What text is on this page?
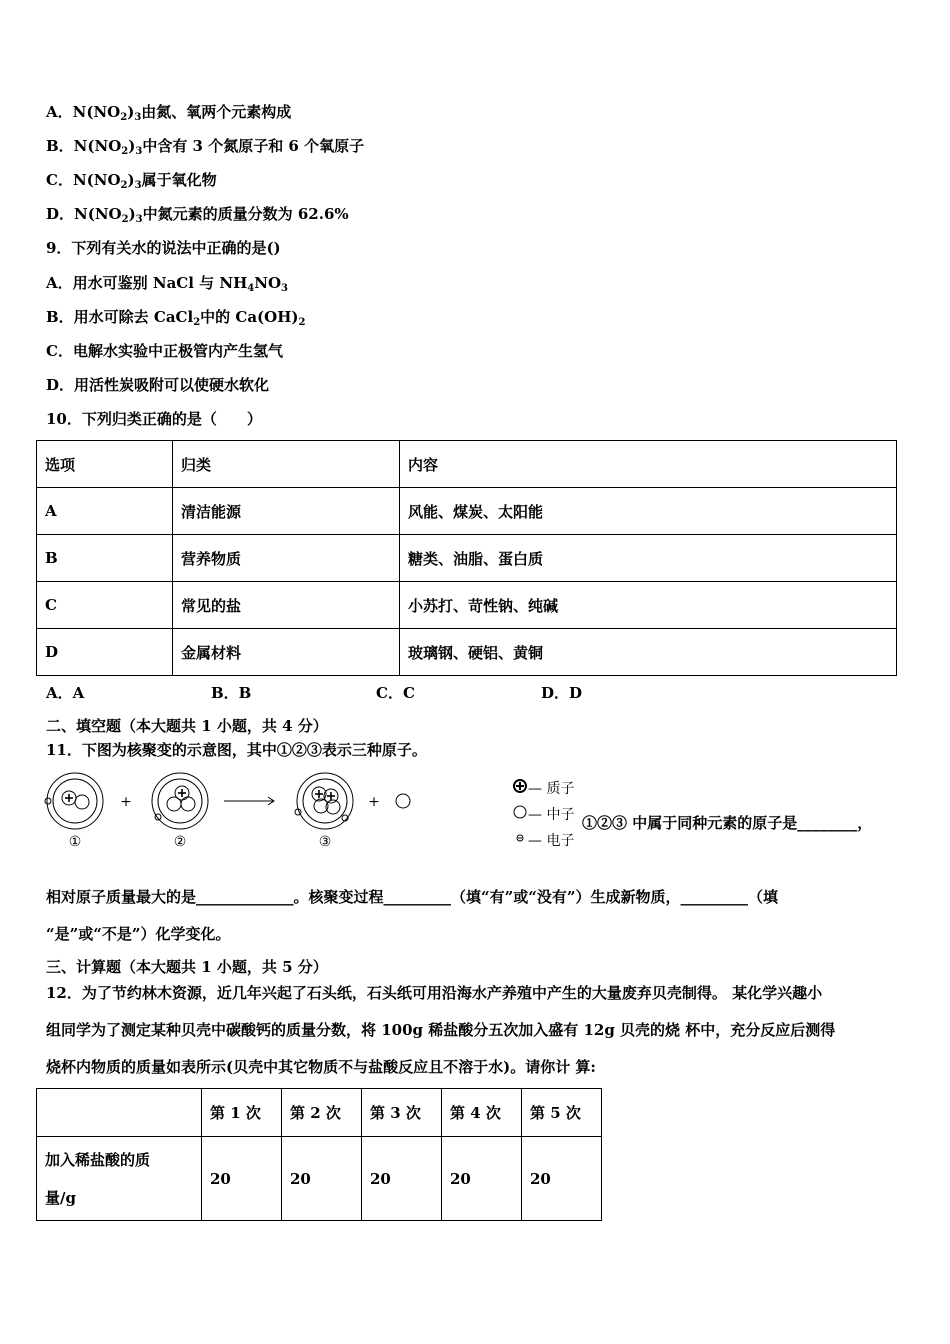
A．$N(NO_2)_3$由氮、氧两个元素构成
B．$N(NO_2)_3$中含有 3 个氮原子和 6 个氧原子
C．$N(NO_2)_3$属于氧化物
D．$N(NO_2)_3$中氮元素的质量分数为 62.6%
9．下列有关水的说法中正确的是()
A．用水可鉴别 NaCl 与 $NH_4NO_3$
B．用水可除去 CaCl$_2$中的 $Ca(OH)_2$
C．电解水实验中正极管内产生氢气
D．用活性炭吸附可以使硬水软化
10．下列归类正确的是（　　）
选项	归类	内容
A	清洁能源	风能、煤炭、太阳能
B	营养物质	糖类、油脂、蛋白质
C	常见的盐	小苏打、苛性钠、纯碱
D	金属材料	玻璃钢、硬铝、黄铜
A．A	B．B	C．C	D．D
二、填空题（本大题共 1 小题，共 4 分）
11．下图为核聚变的示意图，其中①②③表示三种原子。
①	②	③
+	+
— 质子
— 中子
— 电子
①②③ 中属于同种元素的原子是________，
相对原子质量最大的是_____________。核聚变过程_________（填“有”或“没有”）生成新物质，_________（填
“是”或“不是”）化学变化。
三、计算题（本大题共 1 小题，共 5 分）
12．为了节约林木资源，近几年兴起了石头纸，石头纸可用沿海水产养殖中产生的大量废弃贝壳制得。 某化学兴趣小
组同学为了测定某种贝壳中碳酸钙的质量分数，将 100g 稀盐酸分五次加入盛有 12g 贝壳的烧 杯中，充分反应后测得
烧杯内物质的质量如表所示(贝壳中其它物质不与盐酸反应且不溶于水)。请你计 算:
	第 1 次	第 2 次	第 3 次	第 4 次	第 5 次
加入稀盐酸的质
量/g	20	20	20	20	20
